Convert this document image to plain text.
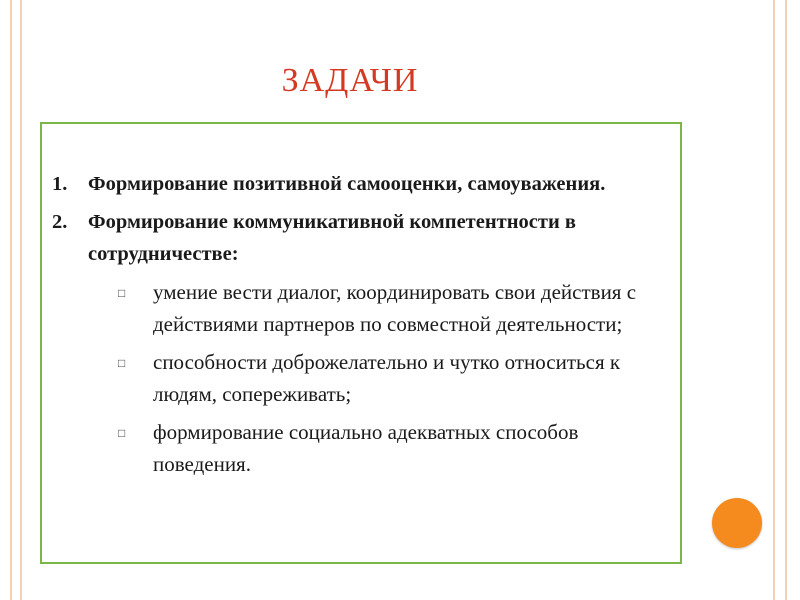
ЗАДАЧИ
1.	Формирование позитивной самооценки, самоуважения.
2.	Формирование коммуникативной компетентности в сотрудничестве:
□	умение вести диалог, координировать свои действия с действиями партнеров по совместной деятельности;
□	способности доброжелательно и чутко относиться к людям, сопереживать;
□	формирование социально адекватных способов поведения.
